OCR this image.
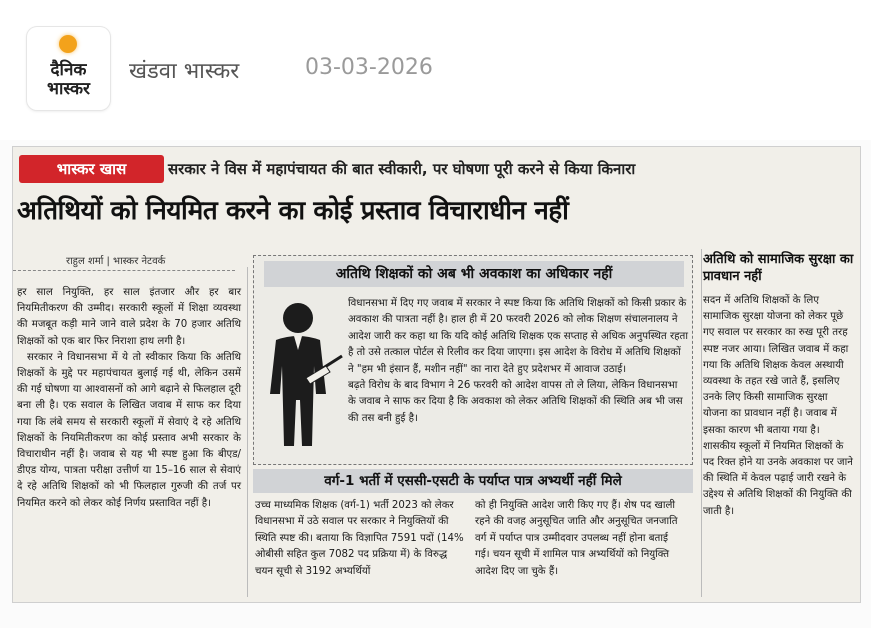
दैनिक
भास्कर
खंडवा भास्कर	03-03-2026
भास्कर खास	सरकार ने विस में महापंचायत की बात स्वीकारी, पर घोषणा पूरी करने से किया किनारा
अतिथियों को नियमित करने का कोई प्रस्ताव विचाराधीन नहीं
राहुल शर्मा | भास्कर नेटवर्क

हर साल नियुक्ति, हर साल इंतजार और हर बार नियमितीकरण की उम्मीद। सरकारी स्कूलों में शिक्षा व्यवस्था की मजबूत कड़ी माने जाने वाले प्रदेश के 70 हजार अतिथि शिक्षकों को एक बार फिर निराशा हाथ लगी है।

सरकार ने विधानसभा में ये तो स्वीकार किया कि अतिथि शिक्षकों के मुद्दे पर महापंचायत बुलाई गई थी, लेकिन उसमें की गई घोषणा या आश्वासनों को आगे बढ़ाने से फिलहाल दूरी बना ली है। एक सवाल के लिखित जवाब में साफ कर दिया गया कि लंबे समय से सरकारी स्कूलों में सेवाएं दे रहे अतिथि शिक्षकों के नियमितीकरण का कोई प्रस्ताव अभी सरकार के विचाराधीन नहीं है। जवाब से यह भी स्पष्ट हुआ कि बीएड/डीएड योग्य, पात्रता परीक्षा उत्तीर्ण या 15–16 साल से सेवाएं दे रहे अतिथि शिक्षकों को भी फिलहाल गुरुजी की तर्ज पर नियमित करने को लेकर कोई निर्णय प्रस्तावित नहीं है।

अतिथि शिक्षकों को अब भी अवकाश का अधिकार नहीं

विधानसभा में दिए गए जवाब में सरकार ने स्पष्ट किया कि अतिथि शिक्षकों को किसी प्रकार के अवकाश की पात्रता नहीं है। हाल ही में 20 फरवरी 2026 को लोक शिक्षण संचालनालय ने आदेश जारी कर कहा था कि यदि कोई अतिथि शिक्षक एक सप्ताह से अधिक अनुपस्थित रहता है तो उसे तत्काल पोर्टल से रिलीव कर दिया जाएगा। इस आदेश के विरोध में अतिथि शिक्षकों ने "हम भी इंसान हैं, मशीन नहीं" का नारा देते हुए प्रदेशभर में आवाज उठाई।

बढ़ते विरोध के बाद विभाग ने 26 फरवरी को आदेश वापस तो ले लिया, लेकिन विधानसभा के जवाब ने साफ कर दिया है कि अवकाश को लेकर अतिथि शिक्षकों की स्थिति अब भी जस की तस बनी हुई है।

वर्ग-1 भर्ती में एससी-एसटी के पर्याप्त पात्र अभ्यर्थी नहीं मिले

उच्च माध्यमिक शिक्षक (वर्ग-1) भर्ती 2023 को लेकर विधानसभा में उठे सवाल पर सरकार ने नियुक्तियों की स्थिति स्पष्ट की। बताया कि विज्ञापित 7591 पदों (14% ओबीसी सहित कुल 7082 पद प्रक्रिया में) के विरुद्ध चयन सूची से 3192 अभ्यर्थियों

को ही नियुक्ति आदेश जारी किए गए हैं। शेष पद खाली रहने की वजह अनुसूचित जाति और अनुसूचित जनजाति वर्ग में पर्याप्त पात्र उम्मीदवार उपलब्ध नहीं होना बताई गई। चयन सूची में शामिल पात्र अभ्यर्थियों को नियुक्ति आदेश दिए जा चुके हैं।

अतिथि को सामाजिक सुरक्षा का प्रावधान नहीं

सदन में अतिथि शिक्षकों के लिए सामाजिक सुरक्षा योजना को लेकर पूछे गए सवाल पर सरकार का रुख पूरी तरह स्पष्ट नजर आया। लिखित जवाब में कहा गया कि अतिथि शिक्षक केवल अस्थायी व्यवस्था के तहत रखे जाते हैं, इसलिए उनके लिए किसी सामाजिक सुरक्षा योजना का प्रावधान नहीं है। जवाब में इसका कारण भी बताया गया है। शासकीय स्कूलों में नियमित शिक्षकों के पद रिक्त होने या उनके अवकाश पर जाने की स्थिति में केवल पढ़ाई जारी रखने के उद्देश्य से अतिथि शिक्षकों की नियुक्ति की जाती है।
